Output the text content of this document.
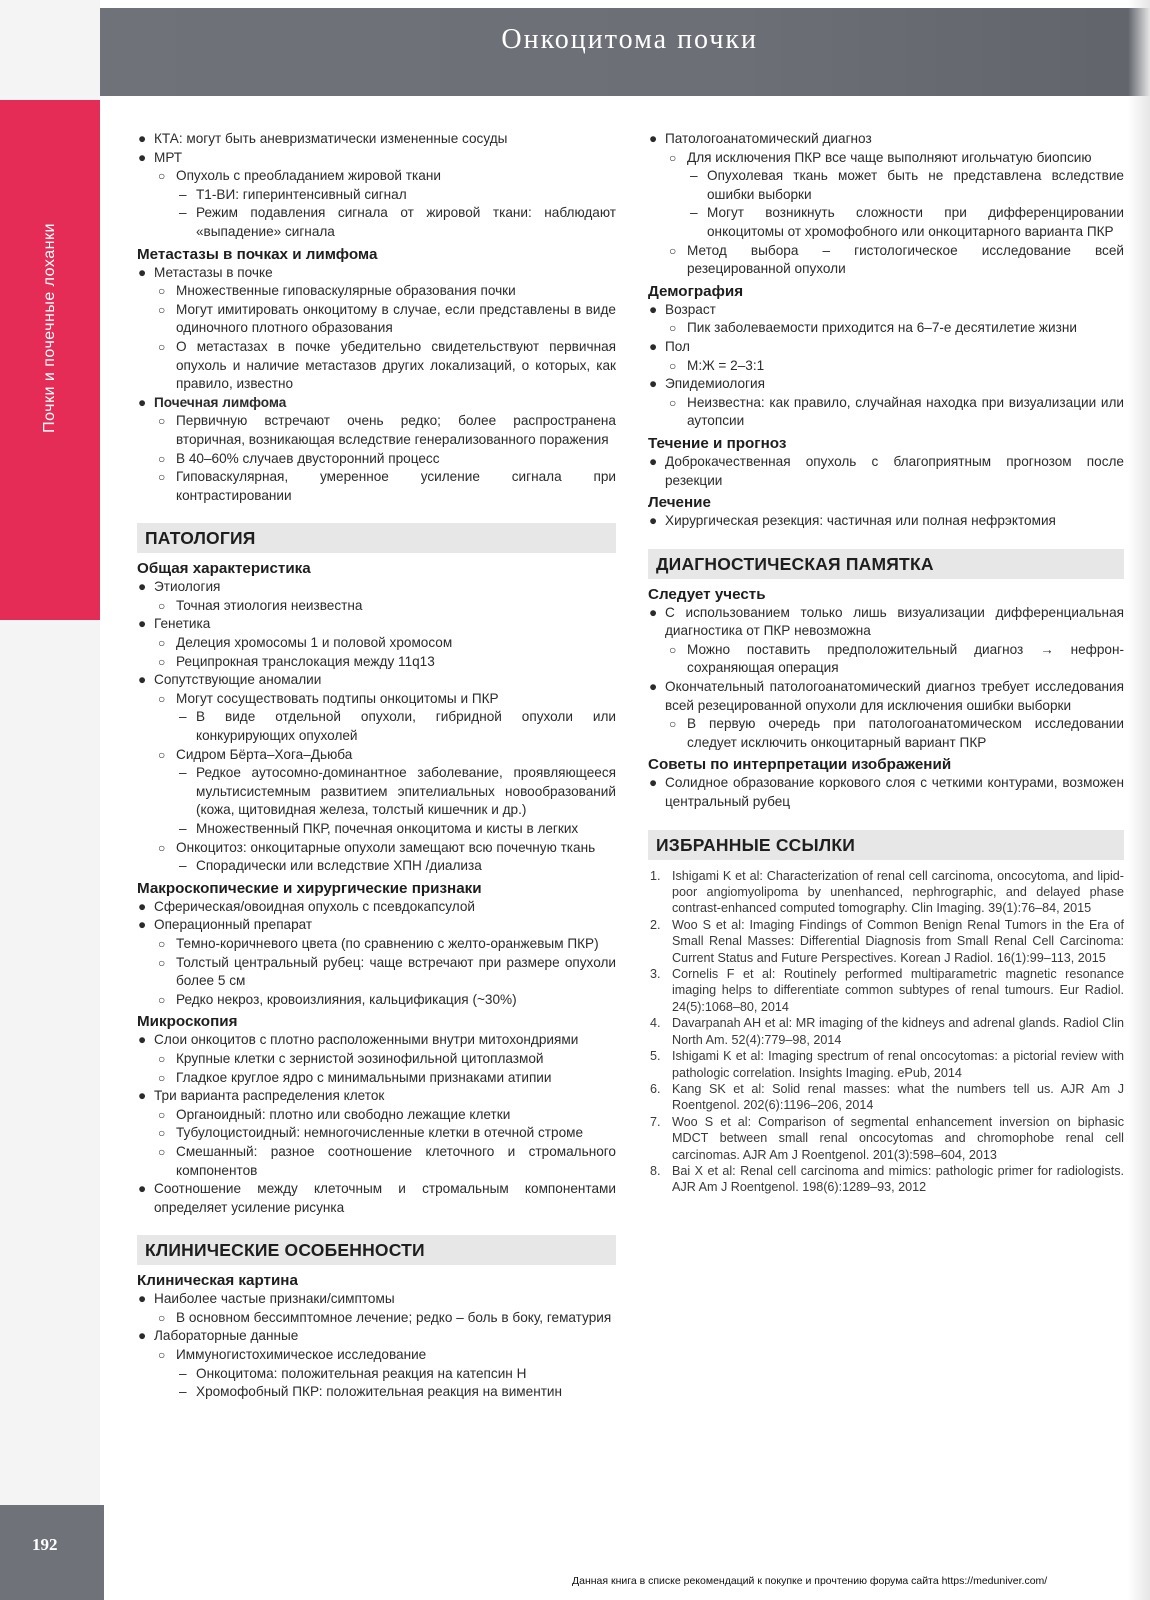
Онкоцитома почки
Почки и почечные лоханки
192
● КТА: могут быть аневризматически измененные сосуды
● МРТ
○ Опухоль с преобладанием жировой ткани
– Т1-ВИ: гиперинтенсивный сигнал
– Режим подавления сигнала от жировой ткани: наблюдают «выпадение» сигнала
Метастазы в почках и лимфома
● Метастазы в почке
○ Множественные гиповаскулярные образования почки
○ Могут имитировать онкоцитому в случае, если представлены в виде одиночного плотного образования
○ О метастазах в почке убедительно свидетельствуют первичная опухоль и наличие метастазов других локализаций, о которых, как правило, известно
● Почечная лимфома
○ Первичную встречают очень редко; более распространена вторичная, возникающая вследствие генерализованного поражения
○ В 40–60% случаев двусторонний процесс
○ Гиповаскулярная, умеренное усиление сигнала при контрастировании
ПАТОЛОГИЯ
Общая характеристика
● Этиология
○ Точная этиология неизвестна
● Генетика
○ Делеция хромосомы 1 и половой хромосом
○ Реципрокная транслокация между 11q13
● Сопутствующие аномалии
○ Могут сосуществовать подтипы онкоцитомы и ПКР
– В виде отдельной опухоли, гибридной опухоли или конкурирующих опухолей
○ Сидром Бёрта–Хога–Дьюба
– Редкое аутосомно-доминантное заболевание, проявляющееся мультисистемным развитием эпителиальных новообразований (кожа, щитовидная железа, толстый кишечник и др.)
– Множественный ПКР, почечная онкоцитома и кисты в легких
○ Онкоцитоз: онкоцитарные опухоли замещают всю почечную ткань
– Спорадически или вследствие ХПН /диализа
Макроскопические и хирургические признаки
● Сферическая/овоидная опухоль с псевдокапсулой
● Операционный препарат
○ Темно-коричневого цвета (по сравнению с желто-оранжевым ПКР)
○ Толстый центральный рубец: чаще встречают при размере опухоли более 5 см
○ Редко некроз, кровоизлияния, кальцификация (~30%)
Микроскопия
● Слои онкоцитов с плотно расположенными внутри митохондриями
○ Крупные клетки с зернистой эозинофильной цитоплазмой
○ Гладкое круглое ядро с минимальными признаками атипии
● Три варианта распределения клеток
○ Органоидный: плотно или свободно лежащие клетки
○ Тубулоцистоидный: немногочисленные клетки в отечной строме
○ Смешанный: разное соотношение клеточного и стромального компонентов
● Соотношение между клеточным и стромальным компонентами определяет усиление рисунка
КЛИНИЧЕСКИЕ ОСОБЕННОСТИ
Клиническая картина
● Наиболее частые признаки/симптомы
○ В основном бессимптомное лечение; редко – боль в боку, гематурия
● Лабораторные данные
○ Иммуногистохимическое исследование
– Онкоцитома: положительная реакция на катепсин Н
– Хромофобный ПКР: положительная реакция на виментин
● Патологоанатомический диагноз
○ Для исключения ПКР все чаще выполняют игольчатую биопсию
– Опухолевая ткань может быть не представлена вследствие ошибки выборки
– Могут возникнуть сложности при дифференцировании онкоцитомы от хромофобного или онкоцитарного варианта ПКР
○ Метод выбора – гистологическое исследование всей резецированной опухоли
Демография
● Возраст
○ Пик заболеваемости приходится на 6–7-е десятилетие жизни
● Пол
○ М:Ж = 2–3:1
● Эпидемиология
○ Неизвестна: как правило, случайная находка при визуализации или аутопсии
Течение и прогноз
● Доброкачественная опухоль с благоприятным прогнозом после резекции
Лечение
● Хирургическая резекция: частичная или полная нефрэктомия
ДИАГНОСТИЧЕСКАЯ ПАМЯТКА
Следует учесть
● С использованием только лишь визуализации дифференциальная диагностика от ПКР невозможна
○ Можно поставить предположительный диагноз → нефрон-сохраняющая операция
● Окончательный патологоанатомический диагноз требует исследования всей резецированной опухоли для исключения ошибки выборки
○ В первую очередь при патологоанатомическом исследовании следует исключить онкоцитарный вариант ПКР
Советы по интерпретации изображений
● Солидное образование коркового слоя с четкими контурами, возможен центральный рубец
ИЗБРАННЫЕ ССЫЛКИ
1. Ishigami K et al: Characterization of renal cell carcinoma, oncocytoma, and lipid-poor angiomyolipoma by unenhanced, nephrographic, and delayed phase contrast-enhanced computed tomography. Clin Imaging. 39(1):76–84, 2015
2. Woo S et al: Imaging Findings of Common Benign Renal Tumors in the Era of Small Renal Masses: Differential Diagnosis from Small Renal Cell Carcinoma: Current Status and Future Perspectives. Korean J Radiol. 16(1):99–113, 2015
3. Cornelis F et al: Routinely performed multiparametric magnetic resonance imaging helps to differentiate common subtypes of renal tumours. Eur Radiol. 24(5):1068–80, 2014
4. Davarpanah AH et al: MR imaging of the kidneys and adrenal glands. Radiol Clin North Am. 52(4):779–98, 2014
5. Ishigami K et al: Imaging spectrum of renal oncocytomas: a pictorial review with pathologic correlation. Insights Imaging. ePub, 2014
6. Kang SK et al: Solid renal masses: what the numbers tell us. AJR Am J Roentgenol. 202(6):1196–206, 2014
7. Woo S et al: Comparison of segmental enhancement inversion on biphasic MDCT between small renal oncocytomas and chromophobe renal cell carcinomas. AJR Am J Roentgenol. 201(3):598–604, 2013
8. Bai X et al: Renal cell carcinoma and mimics: pathologic primer for radiologists. AJR Am J Roentgenol. 198(6):1289–93, 2012
Данная книга в списке рекомендаций к покупке и прочтению форума сайта https://meduniver.com/
